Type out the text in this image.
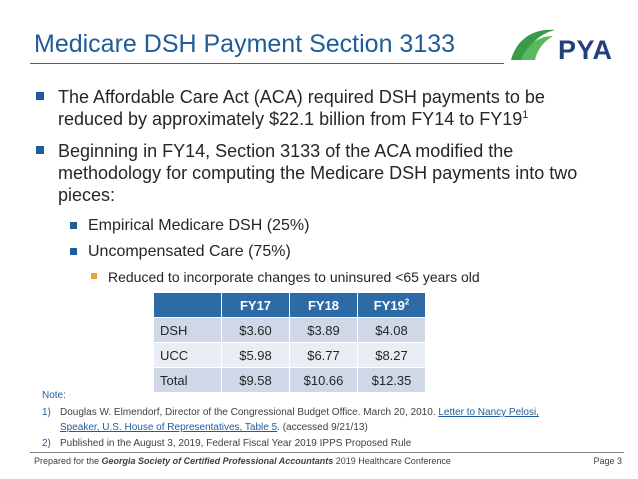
Medicare DSH Payment Section 3133	PYA
The Affordable Care Act (ACA) required DSH payments to be reduced by approximately $22.1 billion from FY14 to $FY19^1$
Beginning in FY14, Section 3133 of the ACA modified the methodology for computing the Medicare DSH payments into two pieces:
Empirical Medicare DSH (25%)
Uncompensated Care (75%)
Reduced to incorporate changes to uninsured <65 years old
	FY17	FY18	$FY19^2$
DSH	$3.60	$3.89	$4.08
UCC	$5.98	$6.77	$8.27
Total	$9.58	$10.66	$12.35
Note:
1) Douglas W. Elmendorf, Director of the Congressional Budget Office. March 20, 2010. Letter to Nancy Pelosi,
Speaker, U.S. House of Representatives, Table 5. (accessed 9/21/13)
2) Published in the August 3, 2019, Federal Fiscal Year 2019 IPPS Proposed Rule
Prepared for the Georgia Society of Certified Professional Accountants 2019 Healthcare Conference	Page 3
